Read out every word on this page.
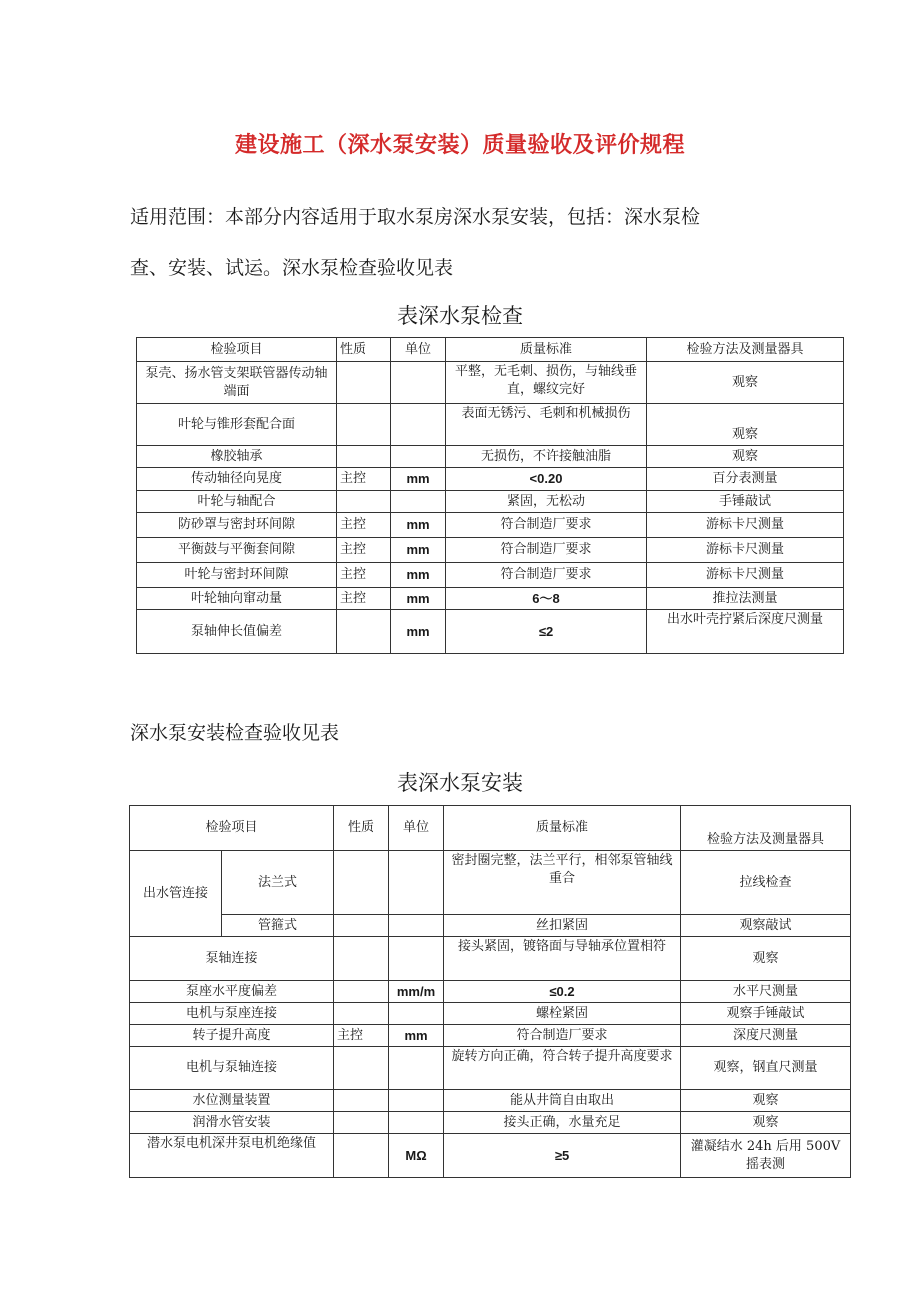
建设施工（深水泵安装）质量验收及评价规程
适用范围：本部分内容适用于取水泵房深水泵安装，包括：深水泵检
查、安装、试运。深水泵检查验收见表
表深水泵检查
检验项目	性质	单位	质量标准	检验方法及测量器具
泵壳、扬水管支架联管器传动轴端面			平整，无毛刺、损伤，与轴线垂直，螺纹完好	观察
叶轮与锥形套配合面			表面无锈污、毛刺和机械损伤	观察
橡胶轴承			无损伤，不许接触油脂	观察
传动轴径向晃度	主控	mm	<0.20	百分表测量
叶轮与轴配合			紧固，无松动	手锤敲试
防砂罩与密封环间隙	主控	mm	符合制造厂要求	游标卡尺测量
平衡鼓与平衡套间隙	主控	mm	符合制造厂要求	游标卡尺测量
叶轮与密封环间隙	主控	mm	符合制造厂要求	游标卡尺测量
叶轮轴向窜动量	主控	mm	6～8	推拉法测量
泵轴伸长值偏差		mm	≤2	出水叶壳拧紧后深度尺测量
深水泵安装检查验收见表
表深水泵安装
检验项目		性质	单位	质量标准	检验方法及测量器具
出水管连接	法兰式			密封圈完整，法兰平行，相邻泵管轴线重合	拉线检查
	管箍式			丝扣紧固	观察敲试
泵轴连接				接头紧固，镀铬面与导轴承位置相符	观察
泵座水平度偏差			mm/m	≤0.2	水平尺测量
电机与泵座连接				螺栓紧固	观察手锤敲试
转子提升高度		主控	mm	符合制造厂要求	深度尺测量
电机与泵轴连接				旋转方向正确，符合转子提升高度要求	观察，钢直尺测量
水位测量装置				能从井筒自由取出	观察
润滑水管安装				接头正确，水量充足	观察
潜水泵电机深井泵电机绝缘值			MΩ	≥5	灌凝结水 24h 后用 500V 摇表测
